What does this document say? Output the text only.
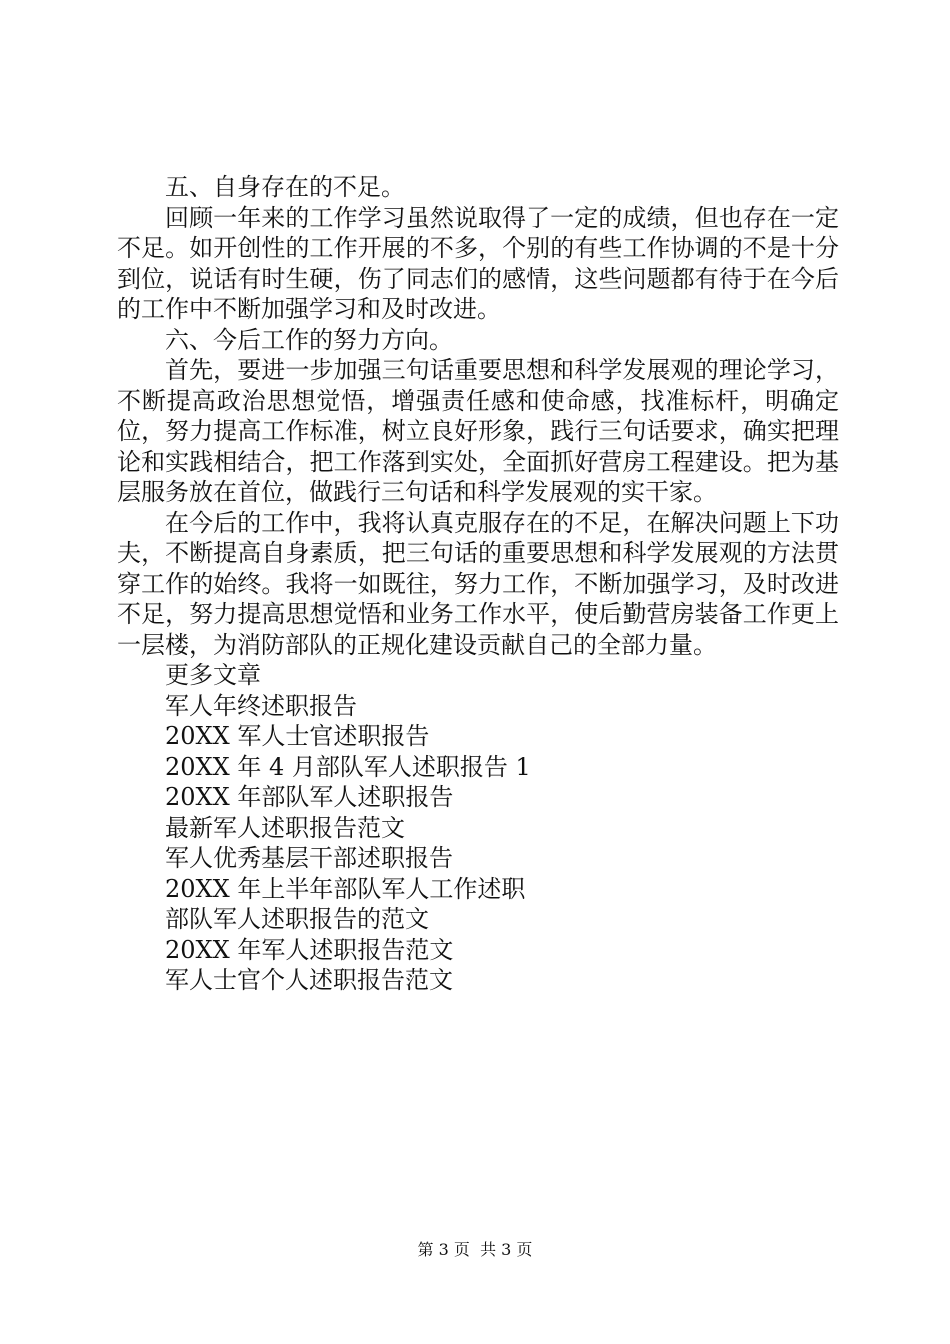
五、自身存在的不足。

回顾一年来的工作学习虽然说取得了一定的成绩，但也存在一定不足。如开创性的工作开展的不多，个别的有些工作协调的不是十分到位，说话有时生硬，伤了同志们的感情，这些问题都有待于在今后的工作中不断加强学习和及时改进。

六、今后工作的努力方向。

首先，要进一步加强三句话重要思想和科学发展观的理论学习，不断提高政治思想觉悟，增强责任感和使命感，找准标杆，明确定位，努力提高工作标准，树立良好形象，践行三句话要求，确实把理论和实践相结合，把工作落到实处，全面抓好营房工程建设。把为基层服务放在首位，做践行三句话和科学发展观的实干家。

在今后的工作中，我将认真克服存在的不足，在解决问题上下功夫，不断提高自身素质，把三句话的重要思想和科学发展观的方法贯穿工作的始终。我将一如既往，努力工作，不断加强学习，及时改进不足，努力提高思想觉悟和业务工作水平，使后勤营房装备工作更上一层楼，为消防部队的正规化建设贡献自己的全部力量。

更多文章

军人年终述职报告
20XX 军人士官述职报告
20XX 年 4 月部队军人述职报告 1
20XX 年部队军人述职报告
最新军人述职报告范文
军人优秀基层干部述职报告
20XX 年上半年部队军人工作述职
部队军人述职报告的范文
20XX 年军人述职报告范文
军人士官个人述职报告范文
第 3 页 共 3 页
